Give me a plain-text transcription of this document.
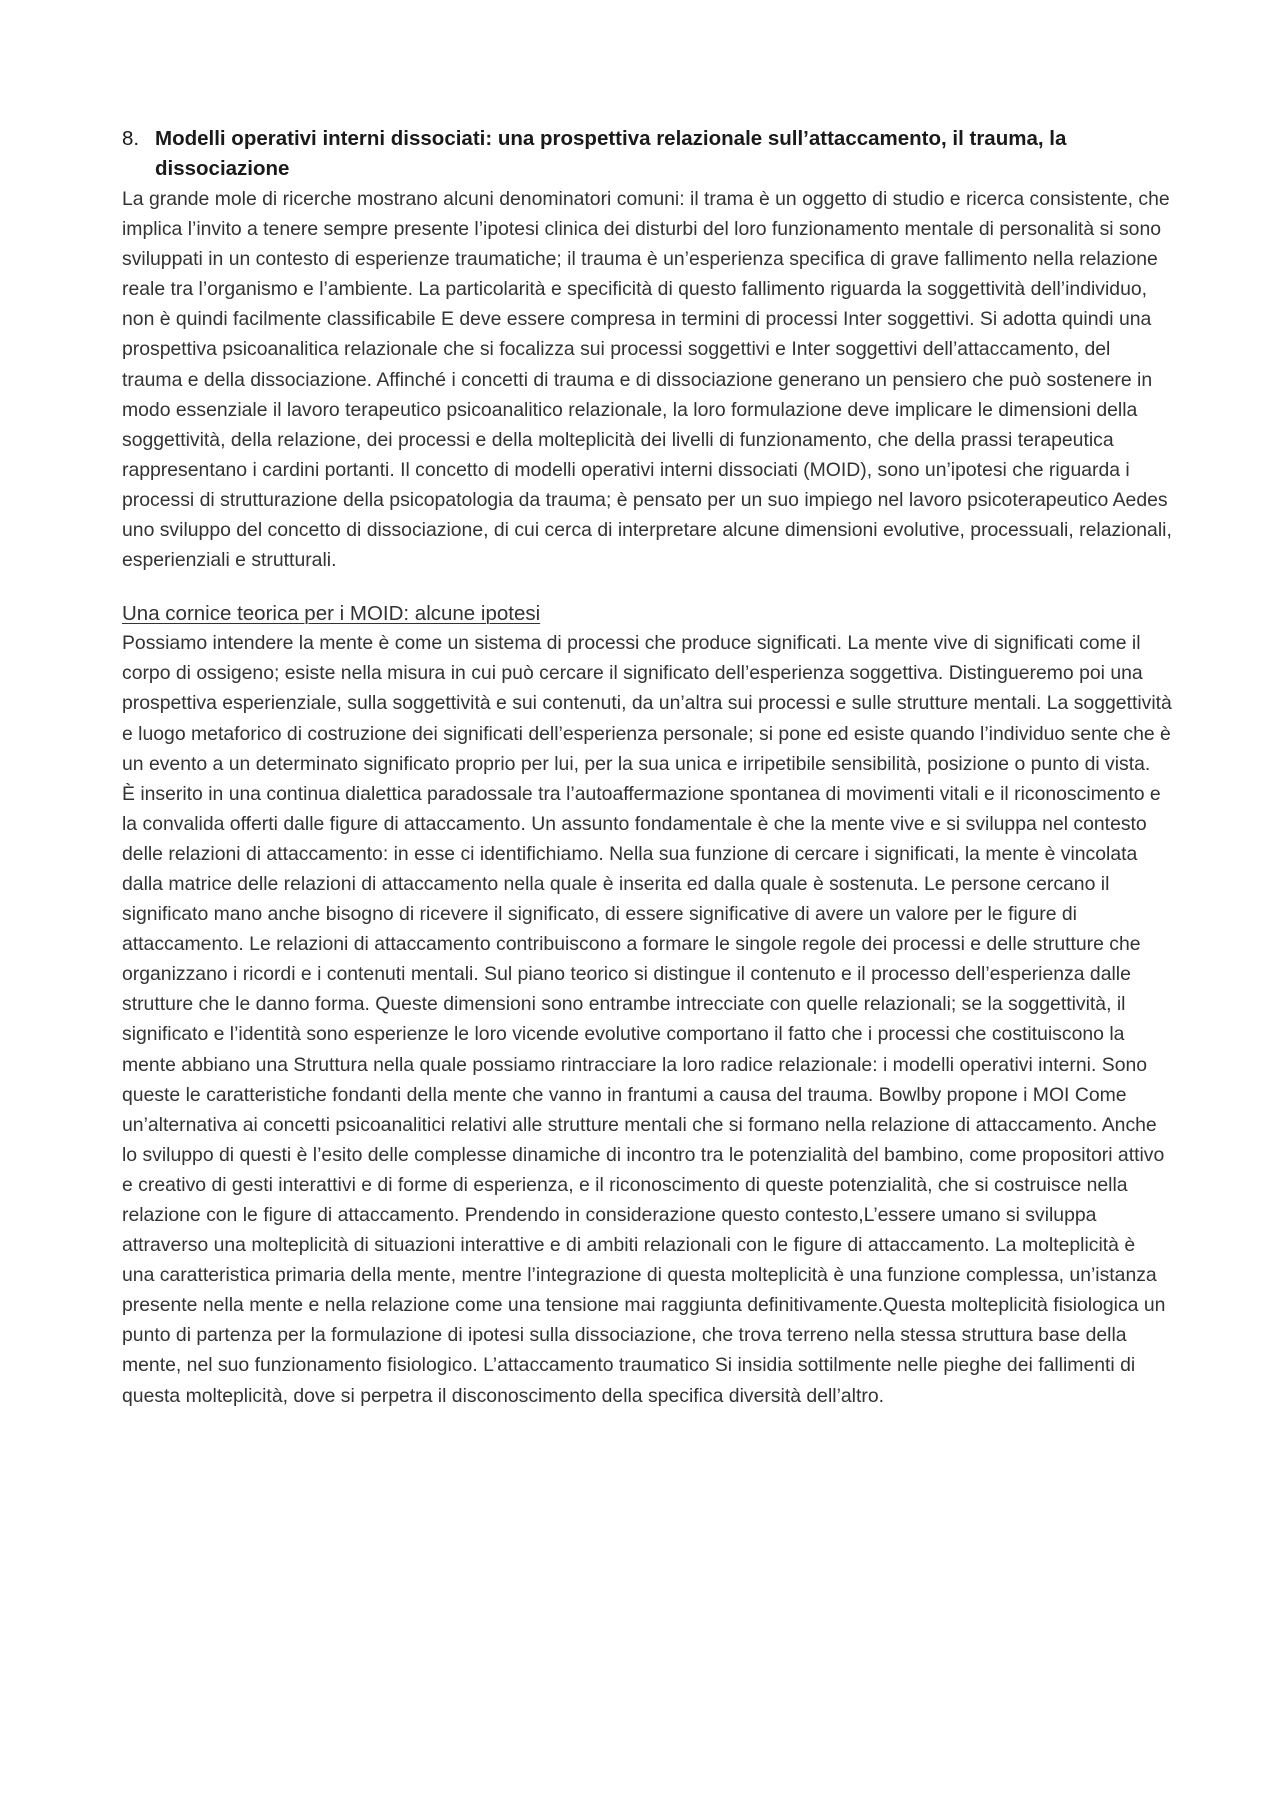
8. Modelli operativi interni dissociati: una prospettiva relazionale sull’attaccamento, il trauma, la dissociazione

La grande mole di ricerche mostrano alcuni denominatori comuni: il trama è un oggetto di studio e ricerca consistente, che implica l’invito a tenere sempre presente l’ipotesi clinica dei disturbi del loro funzionamento mentale di personalità si sono sviluppati in un contesto di esperienze traumatiche; il trauma è un’esperienza specifica di grave fallimento nella relazione reale tra l’organismo e l’ambiente. La particolarità e specificità di questo fallimento riguarda la soggettività dell’individuo, non è quindi facilmente classificabile E deve essere compresa in termini di processi Inter soggettivi. Si adotta quindi una prospettiva psicoanalitica relazionale che si focalizza sui processi soggettivi e Inter soggettivi dell’attaccamento, del trauma e della dissociazione. Affinché i concetti di trauma e di dissociazione generano un pensiero che può sostenere in modo essenziale il lavoro terapeutico psicoanalitico relazionale, la loro formulazione deve implicare le dimensioni della soggettività, della relazione, dei processi e della molteplicità dei livelli di funzionamento, che della prassi terapeutica rappresentano i cardini portanti. Il concetto di modelli operativi interni dissociati (MOID), sono un’ipotesi che riguarda i processi di strutturazione della psicopatologia da trauma; è pensato per un suo impiego nel lavoro psicoterapeutico Aedes uno sviluppo del concetto di dissociazione, di cui cerca di interpretare alcune dimensioni evolutive, processuali, relazionali, esperienziali e strutturali.

Una cornice teorica per i MOID: alcune ipotesi

Possiamo intendere la mente è come un sistema di processi che produce significati. La mente vive di significati come il corpo di ossigeno; esiste nella misura in cui può cercare il significato dell’esperienza soggettiva. Distingueremo poi una prospettiva esperienziale, sulla soggettività e sui contenuti, da un’altra sui processi e sulle strutture mentali. La soggettività e luogo metaforico di costruzione dei significati dell’esperienza personale; si pone ed esiste quando l’individuo sente che è un evento a un determinato significato proprio per lui, per la sua unica e irripetibile sensibilità, posizione o punto di vista.

È inserito in una continua dialettica paradossale tra l’autoaffermazione spontanea di movimenti vitali e il riconoscimento e la convalida offerti dalle figure di attaccamento. Un assunto fondamentale è che la mente vive e si sviluppa nel contesto delle relazioni di attaccamento: in esse ci identifichiamo. Nella sua funzione di cercare i significati, la mente è vincolata dalla matrice delle relazioni di attaccamento nella quale è inserita ed dalla quale è sostenuta. Le persone cercano il significato mano anche bisogno di ricevere il significato, di essere significative di avere un valore per le figure di attaccamento. Le relazioni di attaccamento contribuiscono a formare le singole regole dei processi e delle strutture che organizzano i ricordi e i contenuti mentali. Sul piano teorico si distingue il contenuto e il processo dell’esperienza dalle strutture che le danno forma. Queste dimensioni sono entrambe intrecciate con quelle relazionali; se la soggettività, il significato e l’identità sono esperienze le loro vicende evolutive comportano il fatto che i processi che costituiscono la mente abbiano una Struttura nella quale possiamo rintracciare la loro radice relazionale: i modelli operativi interni. Sono queste le caratteristiche fondanti della mente che vanno in frantumi a causa del trauma. Bowlby propone i MOI Come un’alternativa ai concetti psicoanalitici relativi alle strutture mentali che si formano nella relazione di attaccamento. Anche lo sviluppo di questi è l’esito delle complesse dinamiche di incontro tra le potenzialità del bambino, come propositori attivo e creativo di gesti interattivi e di forme di esperienza, e il riconoscimento di queste potenzialità, che si costruisce nella relazione con le figure di attaccamento. Prendendo in considerazione questo contesto,L’essere umano si sviluppa attraverso una molteplicità di situazioni interattive e di ambiti relazionali con le figure di attaccamento. La molteplicità è una caratteristica primaria della mente, mentre l’integrazione di questa molteplicità è una funzione complessa, un’istanza presente nella mente e nella relazione come una tensione mai raggiunta definitivamente.Questa molteplicità fisiologica un punto di partenza per la formulazione di ipotesi sulla dissociazione, che trova terreno nella stessa struttura base della mente, nel suo funzionamento fisiologico. L’attaccamento traumatico Si insidia sottilmente nelle pieghe dei fallimenti di questa molteplicità, dove si perpetra il disconoscimento della specifica diversità dell’altro.
